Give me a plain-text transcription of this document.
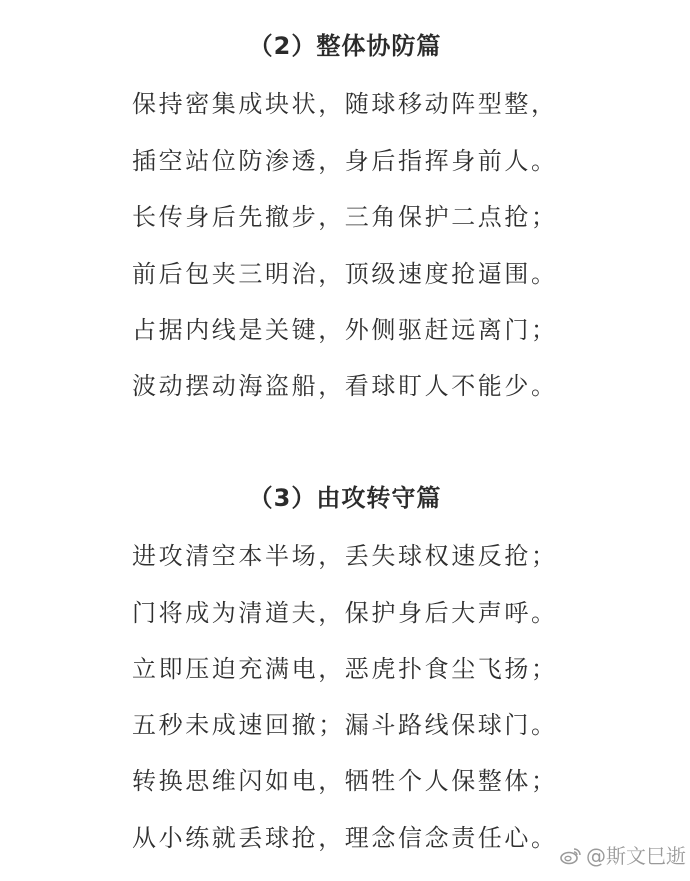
（2）整体协防篇
保持密集成块状，随球移动阵型整，
插空站位防渗透，身后指挥身前人。
长传身后先撤步，三角保护二点抢；
前后包夹三明治，顶级速度抢逼围。
占据内线是关键，外侧驱赶远离门；
波动摆动海盗船，看球盯人不能少。
（3）由攻转守篇
进攻清空本半场，丢失球权速反抢；
门将成为清道夫，保护身后大声呼。
立即压迫充满电，恶虎扑食尘飞扬；
五秒未成速回撤；漏斗路线保球门。
转换思维闪如电，牺牲个人保整体；
从小练就丢球抢，理念信念责任心。
@斯文巳逝
